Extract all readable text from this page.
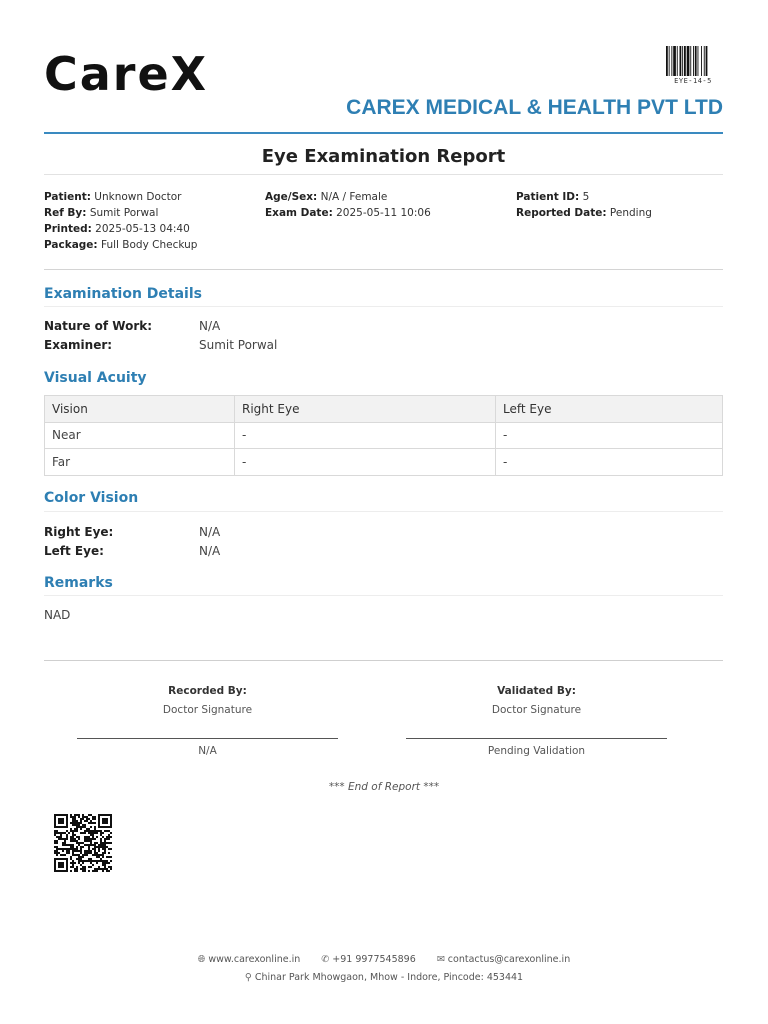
CareX	EYE-14-5
CAREX MEDICAL & HEALTH PVT LTD
Eye Examination Report
Patient: Unknown Doctor
Ref By: Sumit Porwal
Printed: 2025-05-13 04:40
Package: Full Body Checkup
Age/Sex: N/A / Female
Exam Date: 2025-05-11 10:06
Patient ID: 5
Reported Date: Pending
Examination Details
Nature of Work:	N/A
Examiner:	Sumit Porwal
Visual Acuity
Vision	Right Eye	Left Eye
Near	-	-
Far	-	-
Color Vision
Right Eye:	N/A
Left Eye:	N/A
Remarks
NAD
Recorded By:
Doctor Signature
N/A
Validated By:
Doctor Signature
Pending Validation
*** End of Report ***
🌐︎ www.carexonline.in ✆ +91 9977545896 ✉ contactus@carexonline.in
⚲ Chinar Park Mhowgaon, Mhow - Indore, Pincode: 453441
